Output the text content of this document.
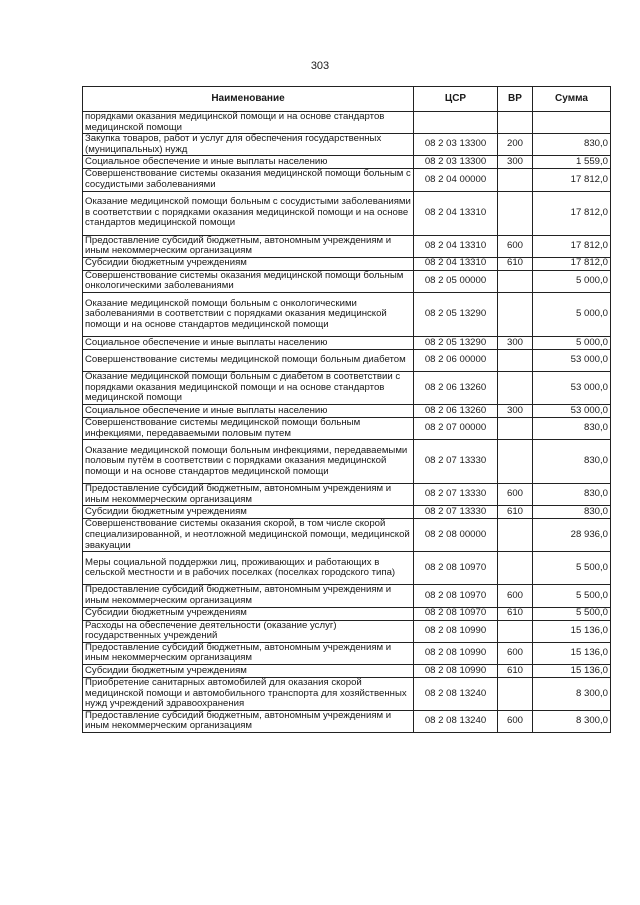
303
Наименование	ЦСР	ВР	Сумма
порядками оказания медицинской помощи и на основе стандартов медицинской помощи			
Закупка товаров, работ и услуг для обеспечения государственных (муниципальных) нужд	08 2 03 13300	200	830,0
Социальное обеспечение и иные выплаты населению	08 2 03 13300	300	1 559,0
Совершенствование системы оказания медицинской помощи больным с сосудистыми заболеваниями	08 2 04 00000		17 812,0
Оказание медицинской помощи больным с сосудистыми заболеваниями в соответствии с порядками оказания медицинской помощи и на основе стандартов медицинской помощи	08 2 04 13310		17 812,0
Предоставление субсидий бюджетным, автономным учреждениям и иным некоммерческим организациям	08 2 04 13310	600	17 812,0
Субсидии бюджетным учреждениям	08 2 04 13310	610	17 812,0
Совершенствование системы оказания медицинской помощи больным онкологическими заболеваниями	08 2 05 00000		5 000,0
Оказание медицинской помощи больным с онкологическими заболеваниями в соответствии с порядками оказания медицинской помощи и на основе стандартов медицинской помощи	08 2 05 13290		5 000,0
Социальное обеспечение и иные выплаты населению	08 2 05 13290	300	5 000,0
Совершенствование системы медицинской помощи больным диабетом	08 2 06 00000		53 000,0
Оказание медицинской помощи больным с диабетом в соответствии с порядками оказания медицинской помощи и на основе стандартов медицинской помощи	08 2 06 13260		53 000,0
Социальное обеспечение и иные выплаты населению	08 2 06 13260	300	53 000,0
Совершенствование системы медицинской помощи больным инфекциями, передаваемыми половым путем	08 2 07 00000		830,0
Оказание медицинской помощи больным инфекциями, передаваемыми половым путём в соответствии с порядками оказания медицинской помощи и на основе стандартов медицинской помощи	08 2 07 13330		830,0
Предоставление субсидий бюджетным, автономным учреждениям и иным некоммерческим организациям	08 2 07 13330	600	830,0
Субсидии бюджетным учреждениям	08 2 07 13330	610	830,0
Совершенствование системы оказания скорой, в том числе скорой специализированной, и неотложной медицинской помощи, медицинской эвакуации	08 2 08 00000		28 936,0
Меры социальной поддержки лиц, проживающих и работающих в сельской местности и в рабочих поселках (поселках городского типа)	08 2 08 10970		5 500,0
Предоставление субсидий бюджетным, автономным учреждениям и иным некоммерческим организациям	08 2 08 10970	600	5 500,0
Субсидии бюджетным учреждениям	08 2 08 10970	610	5 500,0
Расходы на обеспечение деятельности (оказание услуг) государственных учреждений	08 2 08 10990		15 136,0
Предоставление субсидий бюджетным, автономным учреждениям и иным некоммерческим организациям	08 2 08 10990	600	15 136,0
Субсидии бюджетным учреждениям	08 2 08 10990	610	15 136,0
Приобретение санитарных автомобилей для оказания скорой медицинской помощи и автомобильного транспорта для хозяйственных нужд учреждений здравоохранения	08 2 08 13240		8 300,0
Предоставление субсидий бюджетным, автономным учреждениям и иным некоммерческим организациям	08 2 08 13240	600	8 300,0
